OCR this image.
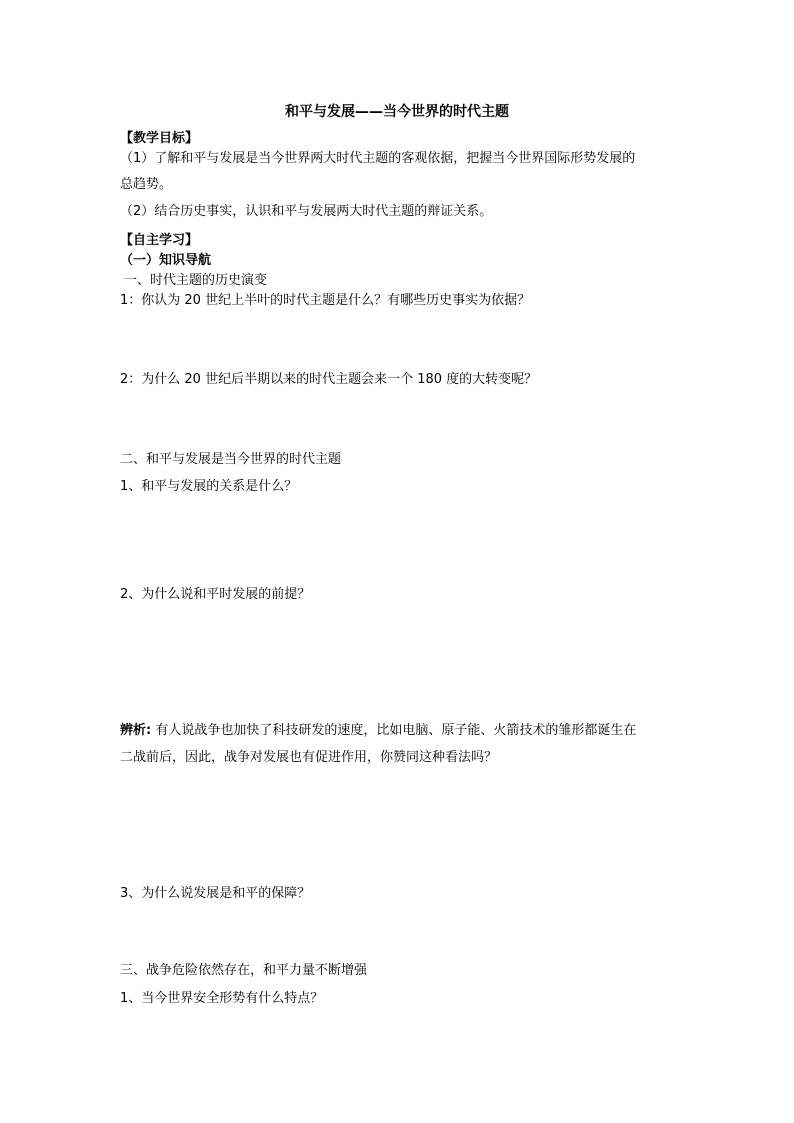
和平与发展——当今世界的时代主题
【教学目标】
（1）了解和平与发展是当今世界两大时代主题的客观依据，把握当今世界国际形势发展的
总趋势。
（2）结合历史事实，认识和平与发展两大时代主题的辩证关系。
【自主学习】
（一）知识导航
一、时代主题的历史演变
1：你认为 20 世纪上半叶的时代主题是什么？有哪些历史事实为依据？
2：为什么 20 世纪后半期以来的时代主题会来一个 180 度的大转变呢？
二、和平与发展是当今世界的时代主题
1、和平与发展的关系是什么？
2、为什么说和平时发展的前提？
辨析: 有人说战争也加快了科技研发的速度，比如电脑、原子能、火箭技术的雏形都诞生在
二战前后，因此，战争对发展也有促进作用，你赞同这种看法吗？
3、为什么说发展是和平的保障？
三、战争危险依然存在，和平力量不断增强
1、当今世界安全形势有什么特点？
